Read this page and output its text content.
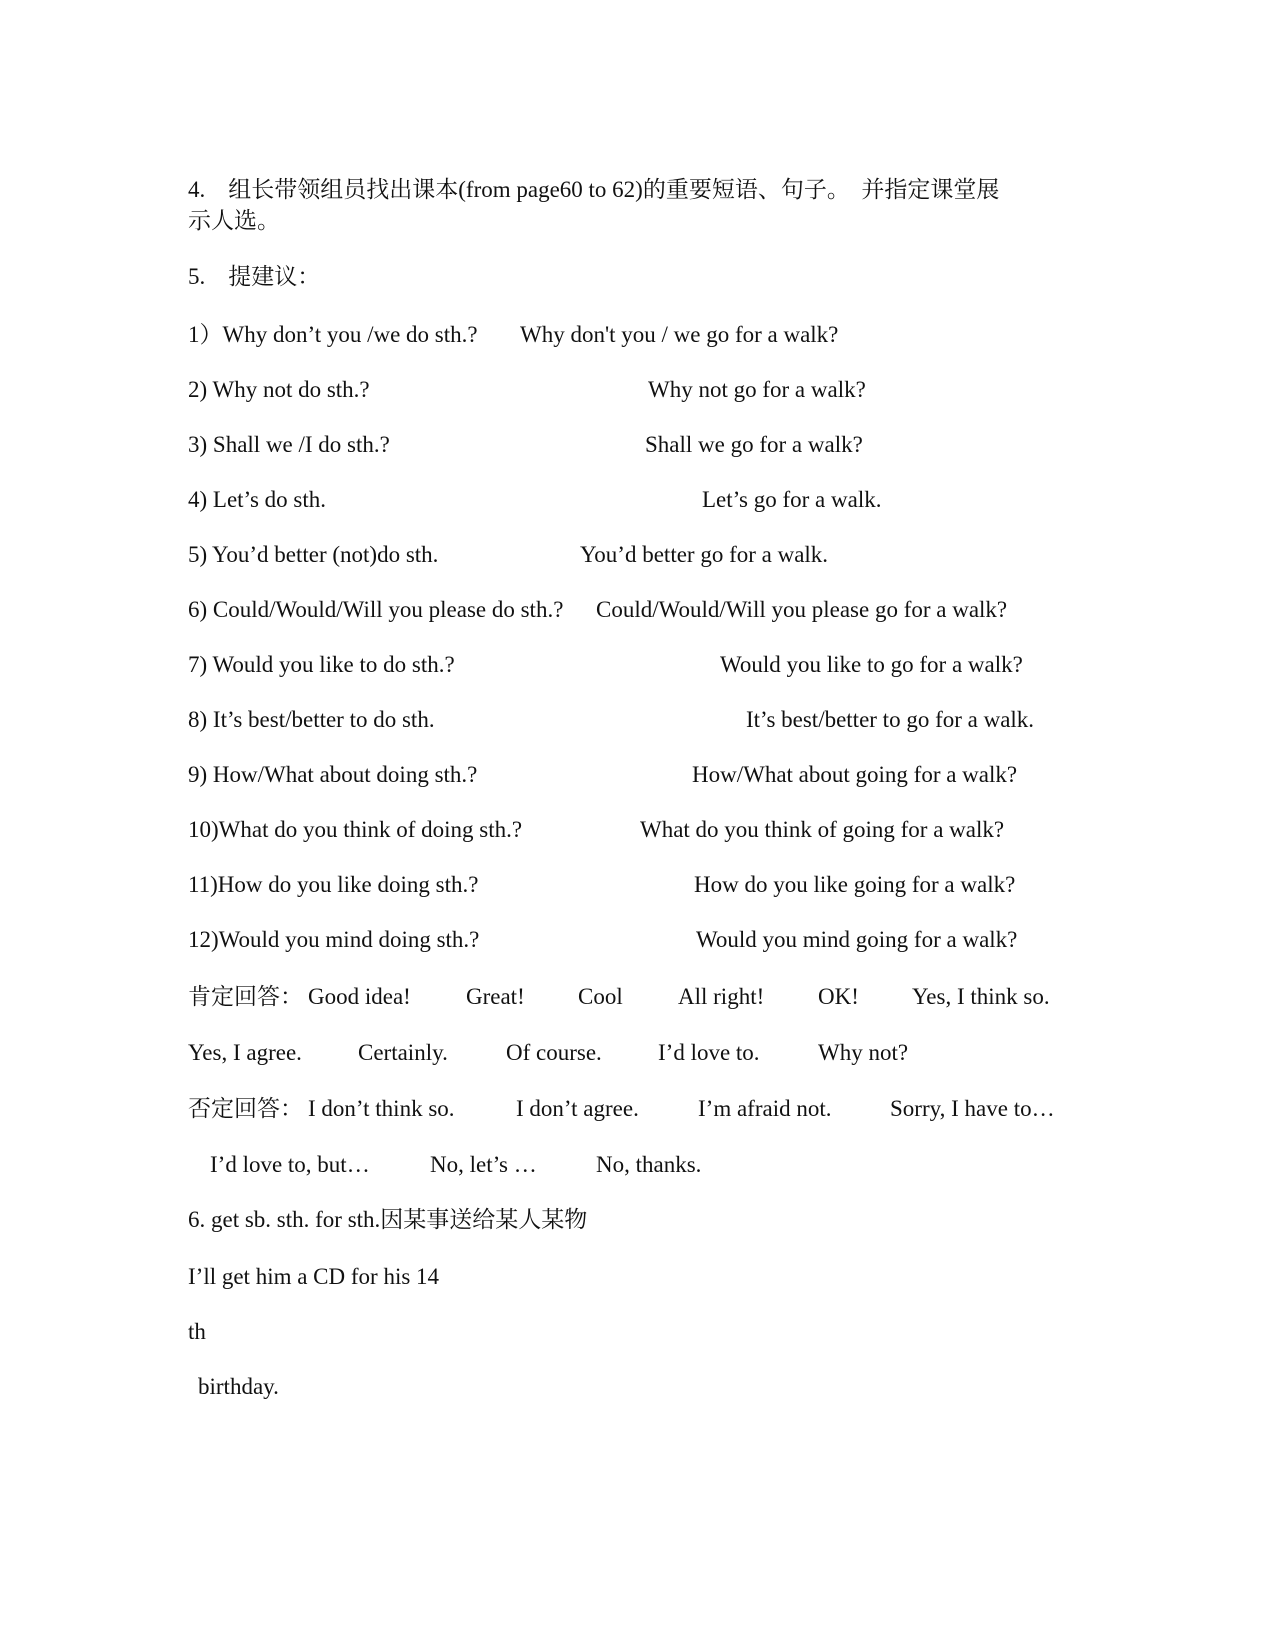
4.　组长带领组员找出课本(from page60 to 62)的重要短语、句子。　并指定课堂展
示人选。
5.　提建议：
1）Why don’t you /we do sth.? Why don't you / we go for a walk?
2) Why not do sth.?	Why not go for a walk?
3) Shall we /I do sth.?	Shall we go for a walk?
4) Let’s do sth.	Let’s go for a walk.
5) You’d better (not)do sth.	You’d better go for a walk.
6) Could/Would/Will you please do sth.? Could/Would/Will you please go for a walk?
7) Would you like to do sth.?	Would you like to go for a walk?
8) It’s best/better to do sth.	It’s best/better to go for a walk.
9) How/What about doing sth.?	How/What about going for a walk?
10)What do you think of doing sth.?	What do you think of going for a walk?
11)How do you like doing sth.?	How do you like going for a walk?
12)Would you mind doing sth.?	Would you mind going for a walk?
肯定回答： Good idea! Great! Cool All right! OK! Yes, I think so.
Yes, I agree. Certainly.	Of course. I’d love to.	Why not?
否定回答： I don’t think so.	I don’t agree.	I’m afraid not.	Sorry, I have to…
I’d love to, but…	No, let’s …	No, thanks.
6. get sb. sth. for sth.因某事送给某人某物
I’ll get him a CD for his 14
th
birthday.
